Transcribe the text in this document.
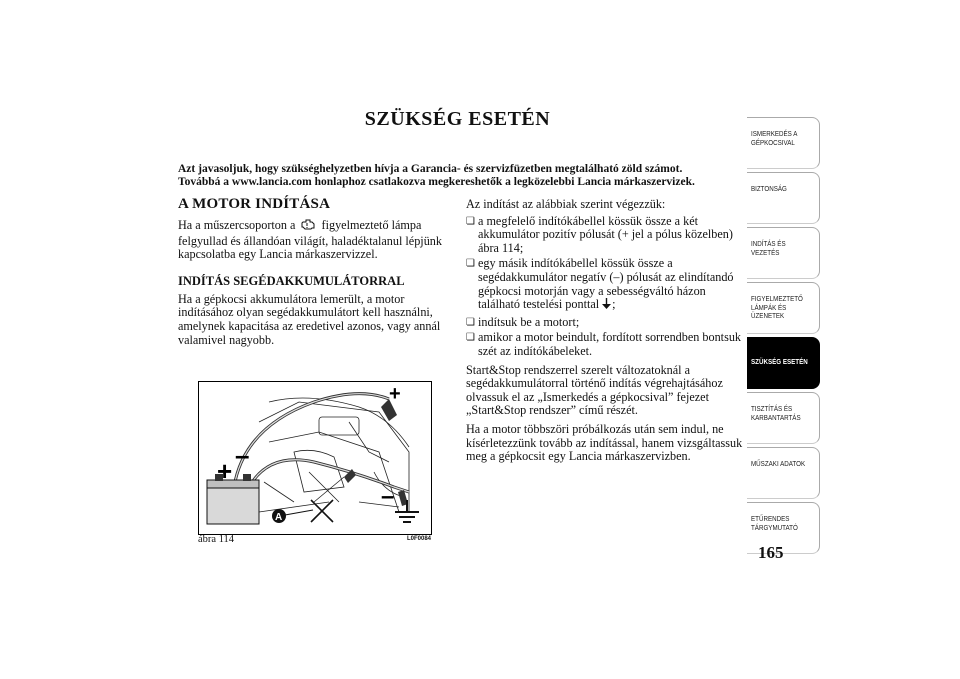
SZÜKSÉG ESETÉN
Azt javasoljuk, hogy szükséghelyzetben hívja a Garancia- és szervizfüzetben megtalálható zöld számot. Továbbá a www.lancia.com honlaphoz csatlakozva megkereshetők a legközelebbi Lancia márkaszervizek.
A MOTOR INDÍTÁSA

Ha a műszercsoporton a figyelmeztető lámpa felgyullad és állandóan világít, haladéktalanul lépjünk kapcsolatba egy Lancia márkaszervizzel.

INDÍTÁS SEGÉDAKKUMULÁTORRAL

Ha a gépkocsi akkumulátora lemerült, a motor indításához olyan segédakkumulátort kell használni, amelynek kapacitása az eredetivel azonos, vagy annál valamivel nagyobb.

+
–
+
–
A
ábra 114	L0F0084

Az indítást az alábbiak szerint végezzük:

❏ a megfelelő indítókábellel kössük össze a két akkumulátor pozitív pólusát (+ jel a pólus közelben) ábra 114;
❏ egy másik indítókábellel kössük össze a segédakkumulátor negatív (–) pólusát az elindítandó gépkocsi motorján vagy a sebességváltó házon található testelési ponttal ;
❏ indítsuk be a motort;
❏ amikor a motor beindult, fordított sorrendben bontsuk szét az indítókábeleket.

Start&Stop rendszerrel szerelt változatoknál a segédakkumulátorral történő indítás végrehajtásához olvassuk el az „Ismerkedés a gépkocsival” fejezet „Start&Stop rendszer” című részét.

Ha a motor többszöri próbálkozás után sem indul, ne kísérletezzünk tovább az indítással, hanem vizsgáltassuk meg a gépkocsit egy Lancia márkaszervizben.

ISMERKEDÉS A
GÉPKOCSIVAL
BIZTONSÁG
INDÍTÁS ÉS
VEZETÉS
FIGYELMEZTETŐ
LÁMPÁK ÉS
ÜZENETEK
SZÜKSÉG ESETÉN
TISZTÍTÁS ÉS
KARBANTARTÁS
MŰSZAKI ADATOK
ETŰRENDES
TÁRGYMUTATÓ
165
